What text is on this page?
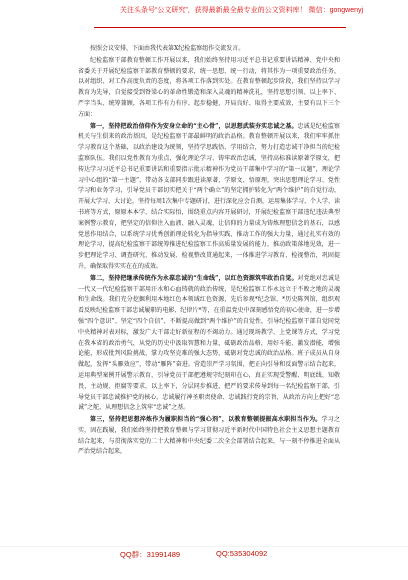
关注头条号“公文研究”，获得最新最全最专业的公文资料库！ 微信：gongwenyj

按照会议安排，下面由我代表第X纪检监察组作交流发言。

纪检监察干部教育整顿工作开展以来，我们始终坚持用习近平总书记重要讲话精神、党中央和省委关于开展纪检监察干部教育整顿的要求，统一思想、统一行动，将其作为一项重要政治任务，以对组织、对工作高度负责的态度，将各项工作落到实处。在教育整顿起步阶段，我们坚持以学习教育为先导，自觉接受到脊梁心的革命性锻造和深入灵魂的精神洗礼，坚持思想引领、以上率下、严字当头、统筹兼顾，各项工作有力有序、起步稳健、开局良好、取得主要成效，主要有以下三个方面：

第一，坚持把政治信仰作为安身立命的“主心骨”，以思想武装夯实忠诚之基。忠诚是纪检监察机关与生俱来的政治基因，是纪检监察干部最鲜明的政治品格。教育整顿开展以来，我们牢牢抓住学习教育这个基础，以政治建设为统领，坚持学思践悟、学用结合，努力打造忠诚干净担当的纪检监察队伍。我们以党性教育为重点，强化理论学习、铸牢政治忠诚，坚持高标准读原著学原文，把传达学习习近平总书记重要讲话和重要指示批示精神作为党员干部集中学习的“第一议题”，理论学习中心组的“第一主题”，带动各支部同步跟进读原著、学原文、悟原理，突出思想理论学习、党性学习和业务学习，引导党员干部切实把关于“两个确立”的坚定拥护转化为“两个维护”的自觉行动，开展大学习、大讨论，坚持每周1次集中专题研讨，进行深化应会自测，运用集体学习、个人学、读书班等方式，原原本本学、结合实际悟，围绕重点内容开展研讨，开展纪检监察干部违纪违法典型案例警示教育，把坚定的信仰注入血液、融入灵魂，让信仰的力量成为铸炼理想信念的基石，以感党恩作用结合，以系统学习优秀创新理论转化为指导实践、推动工作的强大力量，通过扎实有效的理论学习，提高纪检监察干部统筹推进纪检监察工作高质量发展的能力，推动政策落地见效，进一步把理论学习、调查研究、推动发展、检视整改贯通起来，一体推进学习教育、检视整治，巩固提升，确保取得实实在在的成效。

第二，坚持把继承传统作为永葆忠诚的“生命线”，以红色资源筑牢政治自觉。对党绝对忠诚是一代又一代纪检监察干部用汗水和心血铸就的政治传统，是纪检监察工作永远立于不败之地的灵魂和生命线。我们充分挖掘利用本地红色本领域红色资源，先后参观*纪念馆、*历史陈列馆，组织观看反映纪检监察干部忠诚履职的电影、纪律片*等，在重温党史中深刻感悟党的初心使命，进一步增强“四个意识”、坚定“四个自信”、不断提高做到“两个维护”的自觉性，引导纪检监察干部自觉同党中央精神对表对标，激发广大干部走好新征程的不竭动力。通过现场教学、上党课等方式，学习党在我本省的政治勇气，从党的历史中汲取智慧和力量，砥砺政治品格，用好斗能、激发潜能，增强论能，形成批判风险挑战、掌力攻坚克难的强大态势，砥砺对党忠诚的政治品格。班子成员从自身做起，发挥“头雁效应”，带动“雁阵”奋进。营造崇严学习氛围，把正向引导和反面警示结合起来，运用典型案例开展警示教育，引导党员干部把遵规守纪刻印在心，真正实现受警醒、明底线、知敬畏，主动规、拒腐等要求，以上率下，分层同步推进，把严的要求传导到每一名纪检监察干部，引导党员干部忠诚推护党的核心、忠诚履行神圣职责使命、忠诚践行党的宗旨，从政治方向上把好“忠诚”之舵，从理想信念上筑牢“忠诚”之基。

第三，坚持把思想淬炼作为履职担当的“强心剂”，以教育整顿提振高水职担当作为。学习之实，固在践履，我们始终坚持把教育整顿与学习贯彻习近平新时代中国特色社会主义思想主题教育结合起来，与贯彻落实党的二十大精神和中央纪委二次全会部署结合起来，与一刻不停推进全面从严治党结合起来，

QQ群：31991489	QQ:535304092
